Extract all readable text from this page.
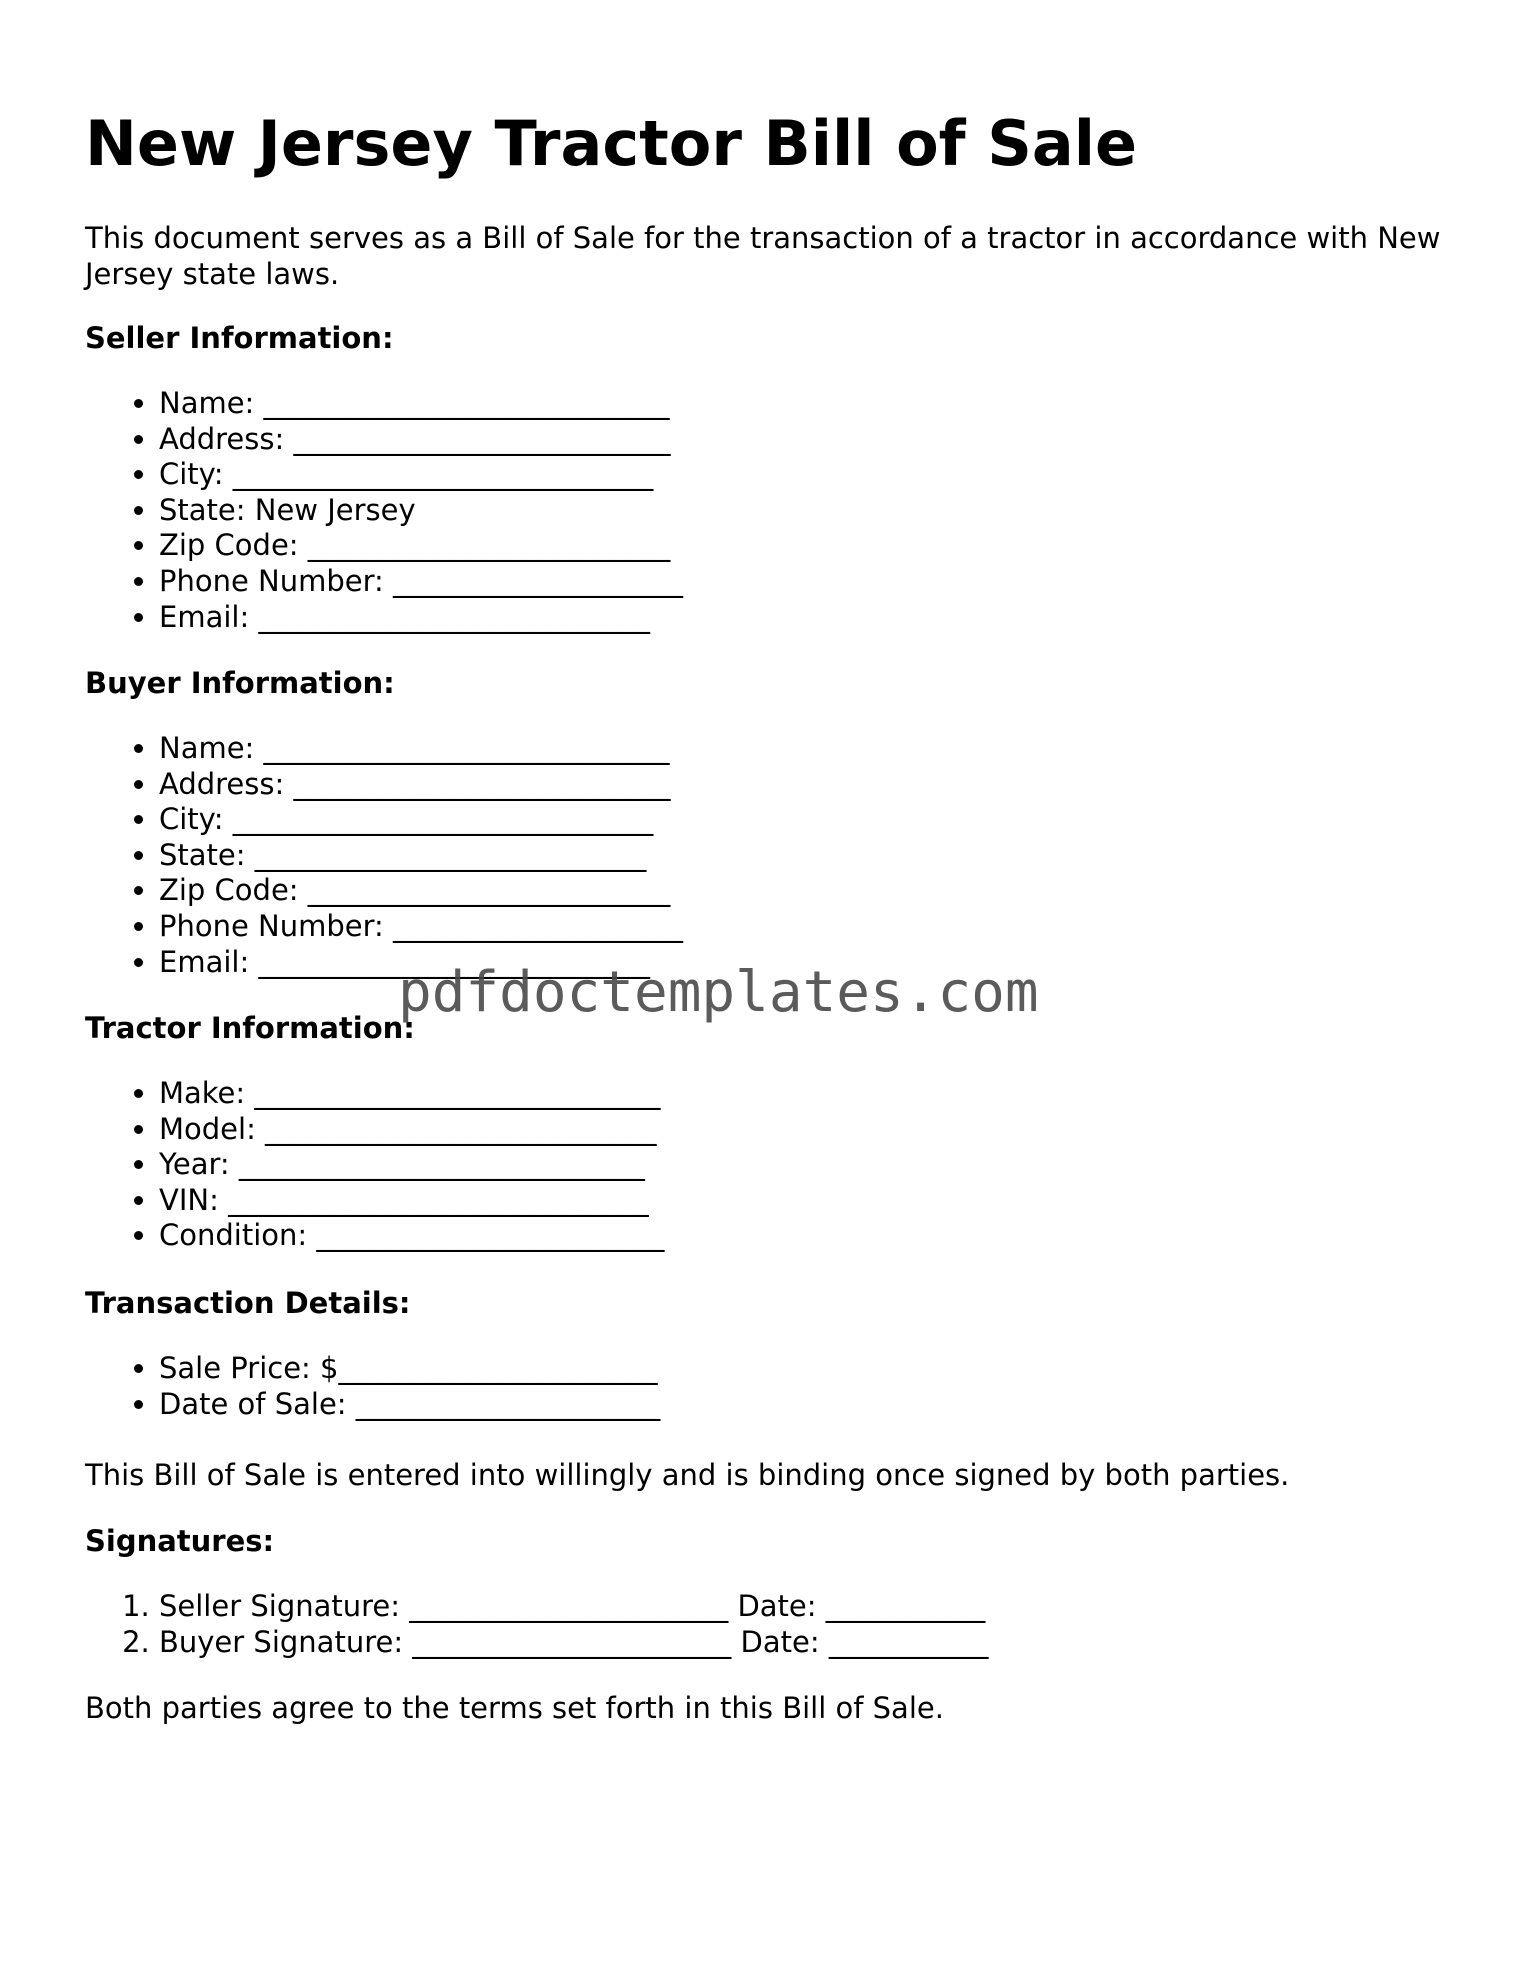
New Jersey Tractor Bill of Sale

This document serves as a Bill of Sale for the transaction of a tractor in accordance with New Jersey state laws.

Seller Information:

• Name: ____________________________
• Address: __________________________
• City: _____________________________
• State: New Jersey
• Zip Code: _________________________
• Phone Number: ____________________
• Email: ___________________________

Buyer Information:

• Name: ____________________________
• Address: __________________________
• City: _____________________________
• State: ___________________________
• Zip Code: _________________________
• Phone Number: ____________________
• Email: ___________________________

Tractor Information:

• Make: ____________________________
• Model: ___________________________
• Year: ____________________________
• VIN: _____________________________
• Condition: ________________________

Transaction Details:

• Sale Price: $______________________
• Date of Sale: _____________________

This Bill of Sale is entered into willingly and is binding once signed by both parties.

Signatures:

1. Seller Signature: ______________________ Date: ___________
2. Buyer Signature: ______________________ Date: ___________

Both parties agree to the terms set forth in this Bill of Sale.

pdfdoctemplates.com
